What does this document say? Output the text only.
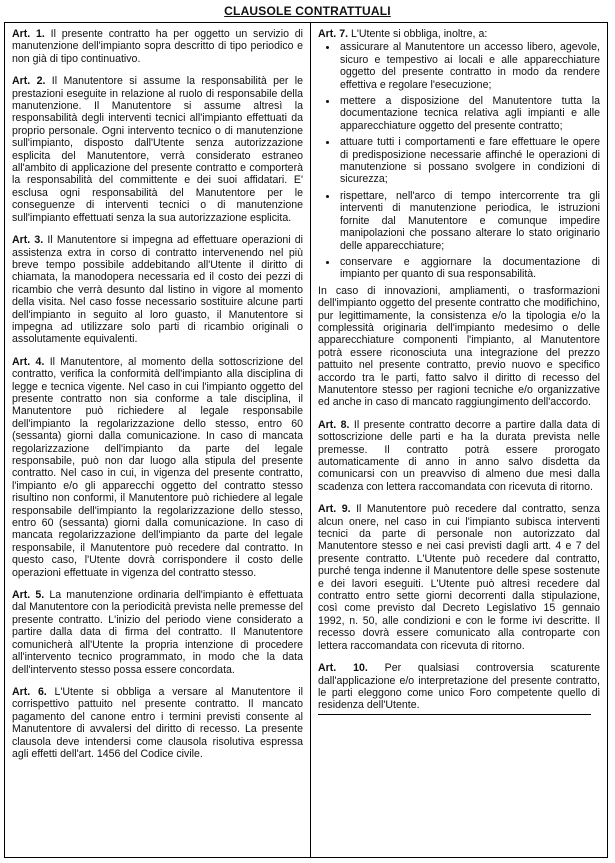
CLAUSOLE CONTRATTUALI

Art. 1. Il presente contratto ha per oggetto un servizio di manutenzione dell'impianto sopra descritto di tipo periodico e non già di tipo continuativo.

Art. 2. Il Manutentore si assume la responsabilità per le prestazioni eseguite in relazione al ruolo di responsabile della manutenzione. Il Manutentore si assume altresì la responsabilità degli interventi tecnici all'impianto effettuati da proprio personale. Ogni intervento tecnico o di manutenzione sull'impianto, disposto dall'Utente senza autorizzazione esplicita del Manutentore, verrà considerato estraneo all'ambito di applicazione del presente contratto e comporterà la responsabilità del committente e dei suoi affidatari. E' esclusa ogni responsabilità del Manutentore per le conseguenze di interventi tecnici o di manutenzione sull'impianto effettuati senza la sua autorizzazione esplicita.

Art. 3. Il Manutentore si impegna ad effettuare operazioni di assistenza extra in corso di contratto intervenendo nel più breve tempo possibile addebitando all'Utente il diritto di chiamata, la manodopera necessaria ed il costo dei pezzi di ricambio che verrà desunto dal listino in vigore al momento della visita. Nel caso fosse necessario sostituire alcune parti dell'impianto in seguito al loro guasto, il Manutentore si impegna ad utilizzare solo parti di ricambio originali o assolutamente equivalenti.

Art. 4. Il Manutentore, al momento della sottoscrizione del contratto, verifica la conformità dell'impianto alla disciplina di legge e tecnica vigente. Nel caso in cui l'impianto oggetto del presente contratto non sia conforme a tale disciplina, il Manutentore può richiedere al legale responsabile dell'impianto la regolarizzazione dello stesso, entro 60 (sessanta) giorni dalla comunicazione. In caso di mancata regolarizzazione dell'impianto da parte del legale responsabile, può non dar luogo alla stipula del presente contratto. Nel caso in cui, in vigenza del presente contratto, l'impianto e/o gli apparecchi oggetto del contratto stesso risultino non conformi, il Manutentore può richiedere al legale responsabile dell'impianto la regolarizzazione dello stesso, entro 60 (sessanta) giorni dalla comunicazione. In caso di mancata regolarizzazione dell'impianto da parte del legale responsabile, il Manutentore può recedere dal contratto. In questo caso, l'Utente dovrà corrispondere il costo delle operazioni effettuate in vigenza del contratto stesso.

Art. 5. La manutenzione ordinaria dell'impianto è effettuata dal Manutentore con la periodicità prevista nelle premesse del presente contratto. L'inizio del periodo viene considerato a partire dalla data di firma del contratto. Il Manutentore comunicherà all'Utente la propria intenzione di procedere all'intervento tecnico programmato, in modo che la data dell'intervento stesso possa essere concordata.

Art. 6. L'Utente si obbliga a versare al Manutentore il corrispettivo pattuito nel presente contratto. Il mancato pagamento del canone entro i termini previsti consente al Manutentore di avvalersi del diritto di recesso. La presente clausola deve intendersi come clausola risolutiva espressa agli effetti dell'art. 1456 del Codice civile.

Art. 7. L'Utente si obbliga, inoltre, a:
• assicurare al Manutentore un accesso libero, agevole, sicuro e tempestivo ai locali e alle apparecchiature oggetto del presente contratto in modo da rendere effettiva e regolare l'esecuzione;
• mettere a disposizione del Manutentore tutta la documentazione tecnica relativa agli impianti e alle apparecchiature oggetto del presente contratto;
• attuare tutti i comportamenti e fare effettuare le opere di predisposizione necessarie affinché le operazioni di manutenzione si possano svolgere in condizioni di sicurezza;
• rispettare, nell'arco di tempo intercorrente tra gli interventi di manutenzione periodica, le istruzioni fornite dal Manutentore e comunque impedire manipolazioni che possano alterare lo stato originario delle apparecchiature;
• conservare e aggiornare la documentazione di impianto per quanto di sua responsabilità.
In caso di innovazioni, ampliamenti, o trasformazioni dell'impianto oggetto del presente contratto che modifichino, pur legittimamente, la consistenza e/o la tipologia e/o la complessità originaria dell'impianto medesimo o delle apparecchiature componenti l'impianto, al Manutentore potrà essere riconosciuta una integrazione del prezzo pattuito nel presente contratto, previo nuovo e specifico accordo tra le parti, fatto salvo il diritto di recesso del Manutentore stesso per ragioni tecniche e/o organizzative ed anche in caso di mancato raggiungimento dell'accordo.

Art. 8. Il presente contratto decorre a partire dalla data di sottoscrizione delle parti e ha la durata prevista nelle premesse. Il contratto potrà essere prorogato automaticamente di anno in anno salvo disdetta da comunicarsi con un preavviso di almeno due mesi dalla scadenza con lettera raccomandata con ricevuta di ritorno.

Art. 9. Il Manutentore può recedere dal contratto, senza alcun onere, nel caso in cui l'impianto subisca interventi tecnici da parte di personale non autorizzato dal Manutentore stesso e nei casi previsti dagli artt. 4 e 7 del presente contratto. L'Utente può recedere dal contratto, purché tenga indenne il Manutentore delle spese sostenute e dei lavori eseguiti. L'Utente può altresì recedere dal contratto entro sette giorni decorrenti dalla stipulazione, così come previsto dal Decreto Legislativo 15 gennaio 1992, n. 50, alle condizioni e con le forme ivi descritte. Il recesso dovrà essere comunicato alla controparte con lettera raccomandata con ricevuta di ritorno.

Art. 10. Per qualsiasi controversia scaturente dall'applicazione e/o interpretazione del presente contratto, le parti eleggono come unico Foro competente quello di residenza dell'Utente.
